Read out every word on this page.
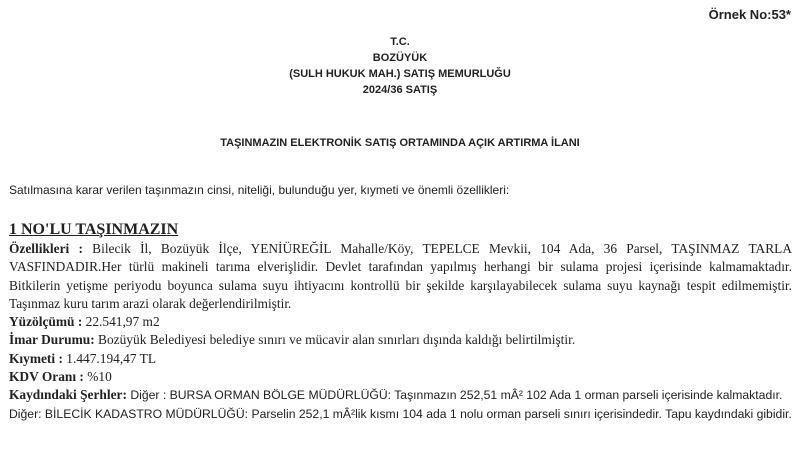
Örnek No:53*
T.C.
BOZÜYÜK
(SULH HUKUK MAH.) SATIŞ MEMURLUĞU
2024/36 SATIŞ
TAŞINMAZIN ELEKTRONİK SATIŞ ORTAMINDA AÇIK ARTIRMA İLANI
Satılmasına karar verilen taşınmazın cinsi, niteliği, bulunduğu yer, kıymeti ve önemli özellikleri:
1 NO'LU TAŞINMAZIN

Özellikleri : Bilecik İl, Bozüyük İlçe, YENİÜREĞİL Mahalle/Köy, TEPELCE Mevkii, 104 Ada, 36 Parsel, TAŞINMAZ TARLA VASFINDADIR.Her türlü makineli tarıma elverişlidir. Devlet tarafından yapılmış herhangi bir sulama projesi içerisinde kalmamaktadır. Bitkilerin yetişme periyodu boyunca sulama suyu ihtiyacını kontrollü bir şekilde karşılayabilecek sulama suyu kaynağı tespit edilmemiştir. Taşınmaz kuru tarım arazi olarak değerlendirilmiştir.

Yüzölçümü : 22.541,97 m2

İmar Durumu: Bozüyük Belediyesi belediye sınırı ve mücavir alan sınırları dışında kaldığı belirtilmiştir.

Kıymeti : 1.447.194,47 TL

KDV Oranı : %10

Kaydındaki Şerhler: Diğer : BURSA ORMAN BÖLGE MÜDÜRLÜĞÜ: Taşınmazın 252,51 mÂ² 102 Ada 1 orman parseli içerisinde kalmaktadır.

Diğer: BİLECİK KADASTRO MÜDÜRLÜĞÜ: Parselin 252,1 mÂ²lik kısmı 104 ada 1 nolu orman parseli sınırı içerisindedir. Tapu kaydındaki gibidir.
